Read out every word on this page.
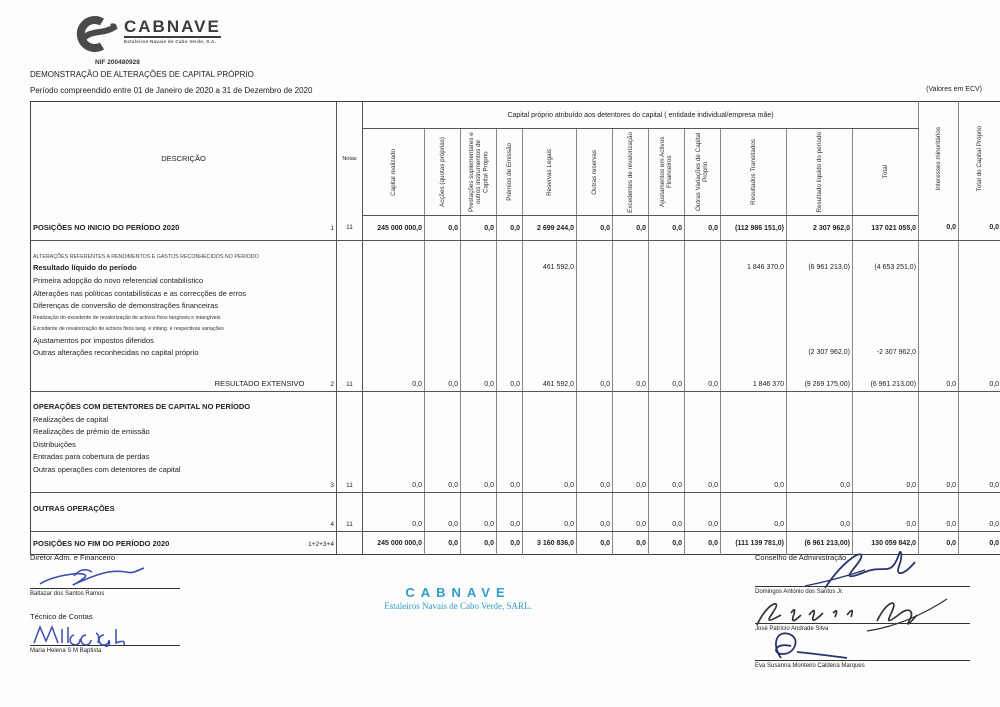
CABNAVE
Estaleiros Navais de Cabo Verde, S.A.
NIF 200480928
DEMONSTRAÇÃO DE ALTERAÇÕES DE CAPITAL PRÓPRIO
Período compreendido entre 01 de Janeiro de 2020 a 31 de Dezembro de 2020	(Valores em ECV)
DESCRIÇÃO	Notas	Capital próprio atribuído aos detentores do capital ( entidade individual/empresa mãe)												Interesses minoritários	Total do Capital Próprio

		Capital realizado	Acções (quotas próprias)	Prestações suplementares e outros instrumentos de Capital Próprio	Prémios de Emissão	Reservas Legais	Outras reservas	Excedentes de revalorização	Ajustamentos em Activos Financeiros	Outras Variações de Capital Próprio	Resultados Transitados	Resultado líquido do período	Total		

POSIÇÕES NO INICIO DO PERÍODO 2020 1	11	245 000 000,0	0,0	0,0	0,0	2 699 244,0	0,0	0,0	0,0	0,0	(112 986 151,0)	2 307 962,0	137 021 055,0	0,0	0,0

ALTERAÇÕES REFERENTES A RENDIMENTOS E GASTOS RECONHECIDOS NO PERÍODO															

Resultado líquido do período						461 592,0					1 846 370,0	(6 961 213,0)	(4 653 251,0)		

Primeira adopção do novo referencial contabilístico															

Alterações nas políticas contabilísticas e as correcções de erros															

Diferenças de conversão de demonstrações financeiras															

Realização do excedente de revalorização de activos fixos tangíveis e intangíveis															

Excedente de revalorização de activos fixos tang. e intang. e respectivas variações															

Ajustamentos por impostos diferidos															

Outras alterações reconhecidas no capital próprio												(2 307 962,0)	-2 307 962,0		

RESULTADO EXTENSIVO 2	11	0,0	0,0	0,0	0,0	461 592,0	0,0	0,0	0,0	0,0	1 846 370	(9 269 175,00)	(6 961 213,00)	0,0	0,0

OPERAÇÕES COM DETENTORES DE CAPITAL NO PERÍODO															

Realizações de capital															

Realizações de prémio de emissão															

Distribuições															

Entradas para cobertura de perdas															

Outras operações com detentores de capital															

3	11	0,0	0,0	0,0	0,0	0,0	0,0	0,0	0,0	0,0	0,0	0,0	0,0	0,0	0,0

OUTRAS OPERAÇÕES															

4	11	0,0	0,0	0,0	0,0	0,0	0,0	0,0	0,0	0,0	0,0	0,0	0,0	0,0	0,0

POSIÇÕES NO FIM DO PERÍODO 2020 1+2+3+4		245 000 000,0	0,0	0,0	0,0	3 160 836,0	0,0	0,0	0,0	0,0	(111 139 781,0)	(6 961 213,00)	130 059 842,0	0,0	0,0
Diretor Adm. e Financeiro
Baltazar dos Santos Ramos
Técnico de Contas
Maria Helena S M Baptista
CABNAVE
Estaleiros Navais de Cabo Verde, SARL.
Conselho de Administração
Domingos António dos Santos Jr.
José Patrício Andrade Silva
Eva Susanna Monteiro Caldeira Marques
